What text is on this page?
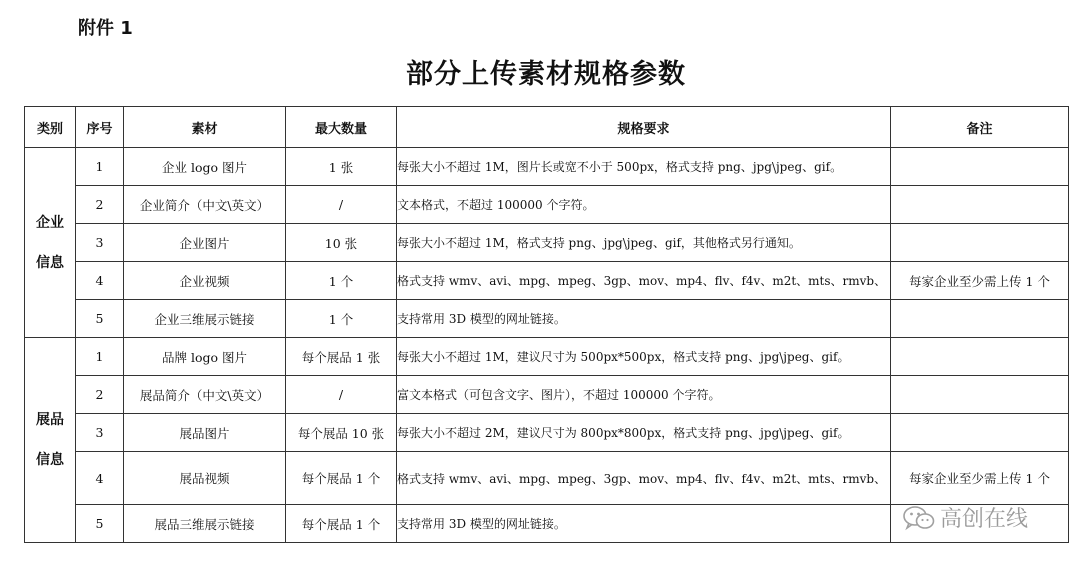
附件 1
部分上传素材规格参数
类别	序号	素材	最大数量	规格要求	备注
企业
信息	1	企业 logo 图片	1 张	每张大小不超过 1M，图片长或宽不小于 500px，格式支持 png、jpg\jpeg、gif。	
	2	企业简介（中文\英文）	/	文本格式，不超过 100000 个字符。	
	3	企业图片	10 张	每张大小不超过 1M，格式支持 png、jpg\jpeg、gif，其他格式另行通知。	
	4	企业视频	1 个	格式支持 wmv、avi、mpg、mpeg、3gp、mov、mp4、flv、f4v、m2t、mts、rmvb、	每家企业至少需上传 1 个
	5	企业三维展示链接	1 个	支持常用 3D 模型的网址链接。	
展品
信息	1	品牌 logo 图片	每个展品 1 张	每张大小不超过 1M，建议尺寸为 500px*500px，格式支持 png、jpg\jpeg、gif。	
	2	展品简介（中文\英文）	/	富文本格式（可包含文字、图片），不超过 100000 个字符。	
	3	展品图片	每个展品 10 张	每张大小不超过 2M，建议尺寸为 800px*800px，格式支持 png、jpg\jpeg、gif。	
	4	展品视频	每个展品 1 个	格式支持 wmv、avi、mpg、mpeg、3gp、mov、mp4、flv、f4v、m2t、mts、rmvb、	每家企业至少需上传 1 个
	5	展品三维展示链接	每个展品 1 个	支持常用 3D 模型的网址链接。		高创在线
